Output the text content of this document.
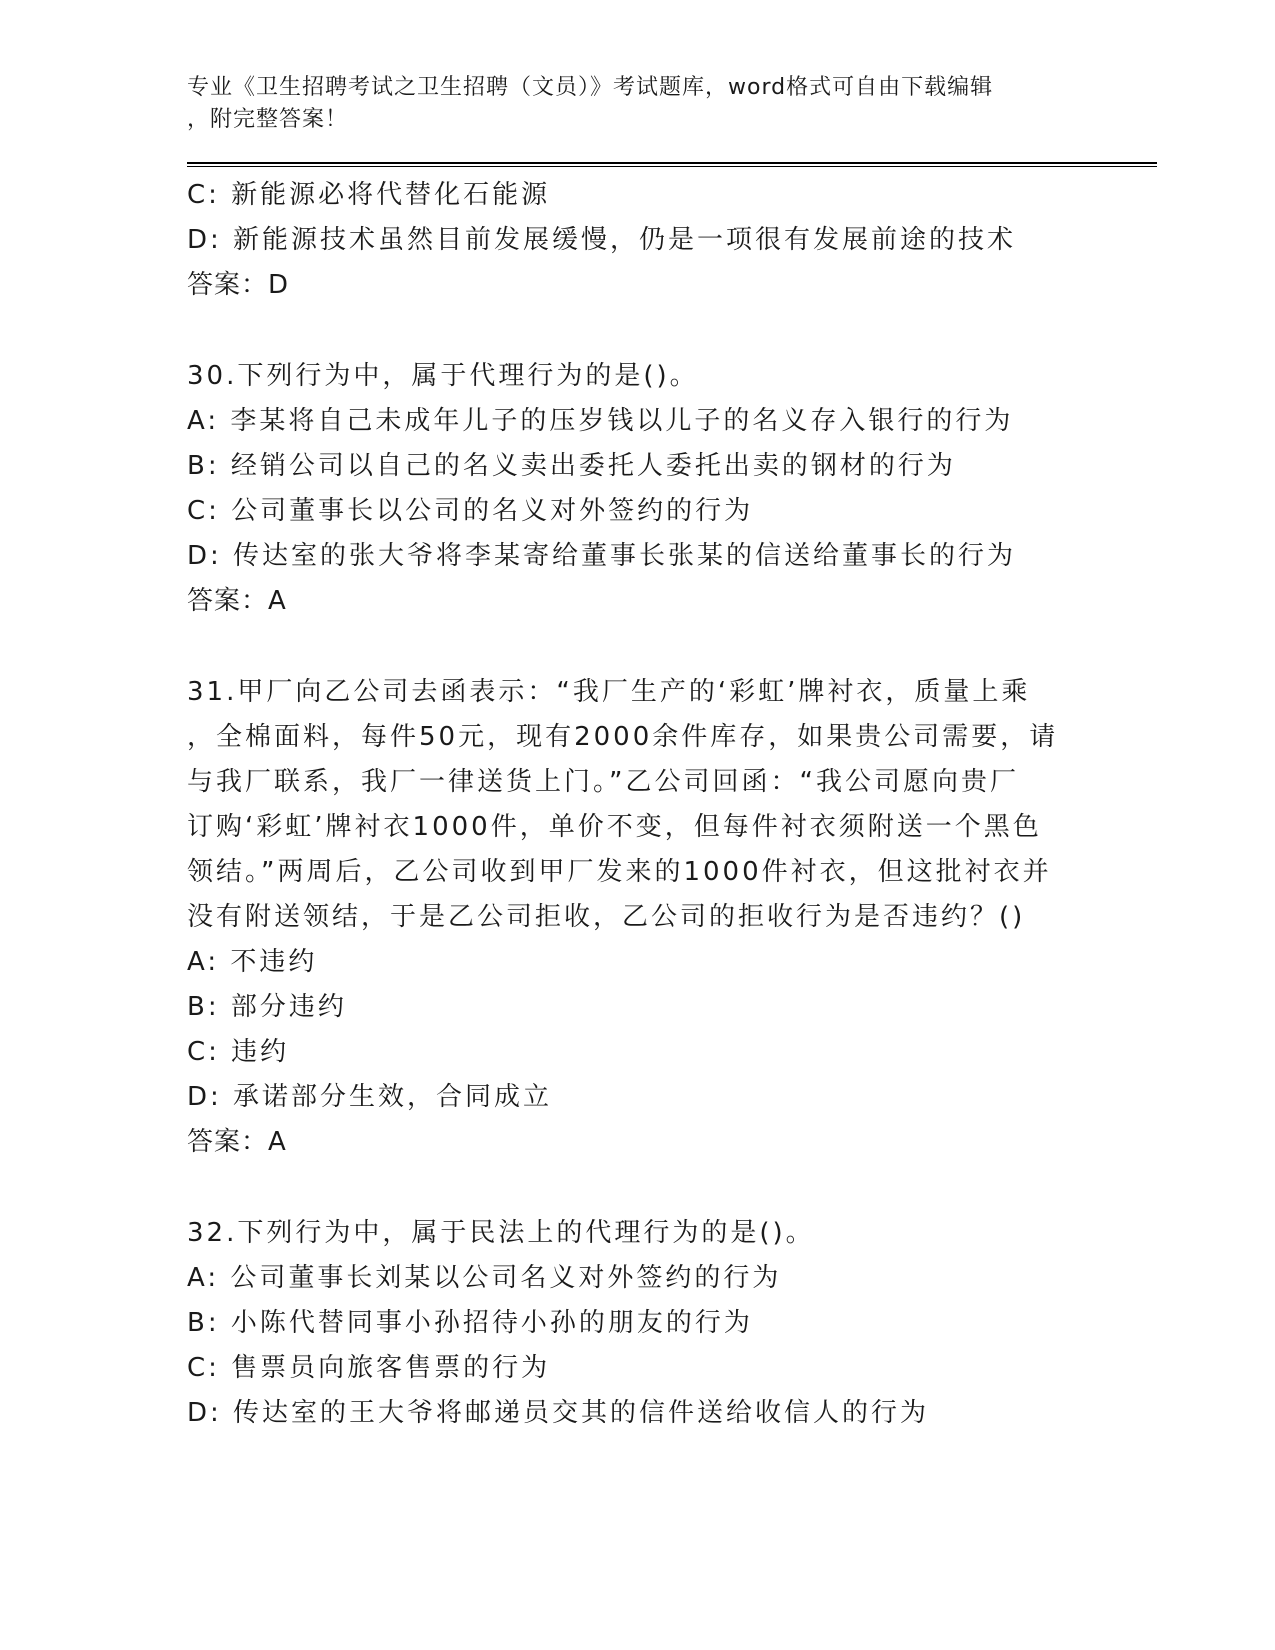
专业《卫生招聘考试之卫生招聘（文员）》考试题库，word格式可自由下载编辑
，附完整答案！
C: 新能源必将代替化石能源
D: 新能源技术虽然目前发展缓慢，仍是一项很有发展前途的技术
答案：D
30.下列行为中，属于代理行为的是()。
A: 李某将自己未成年儿子的压岁钱以儿子的名义存入银行的行为
B: 经销公司以自己的名义卖出委托人委托出卖的钢材的行为
C: 公司董事长以公司的名义对外签约的行为
D: 传达室的张大爷将李某寄给董事长张某的信送给董事长的行为
答案：A
31.甲厂向乙公司去函表示：“我厂生产的‘彩虹’牌衬衣，质量上乘
，全棉面料，每件50元，现有2000余件库存，如果贵公司需要，请
与我厂联系，我厂一律送货上门。”乙公司回函：“我公司愿向贵厂
订购‘彩虹’牌衬衣1000件，单价不变，但每件衬衣须附送一个黑色
领结。”两周后，乙公司收到甲厂发来的1000件衬衣，但这批衬衣并
没有附送领结，于是乙公司拒收，乙公司的拒收行为是否违约？()
A: 不违约
B: 部分违约
C: 违约
D: 承诺部分生效，合同成立
答案：A
32.下列行为中，属于民法上的代理行为的是()。
A: 公司董事长刘某以公司名义对外签约的行为
B: 小陈代替同事小孙招待小孙的朋友的行为
C: 售票员向旅客售票的行为
D: 传达室的王大爷将邮递员交其的信件送给收信人的行为
